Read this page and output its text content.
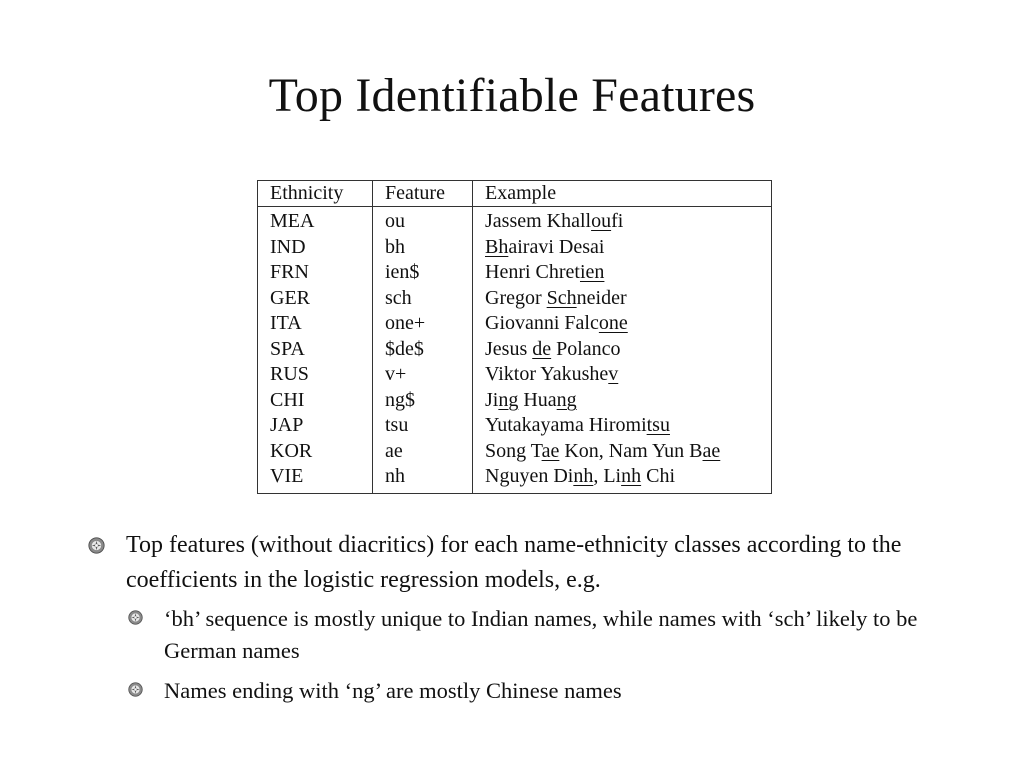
Top Identifiable Features
Ethnicity	Feature	Example
MEA	ou	Jassem Khalloufi
IND	bh	Bhairavi Desai
FRN	ien$	Henri Chretien
GER	sch	Gregor Schneider
ITA	one+	Giovanni Falcone
SPA	$de$	Jesus de Polanco
RUS	v+	Viktor Yakushev
CHI	ng$	Jing Huang
JAP	tsu	Yutakayama Hiromitsu
KOR	ae	Song Tae Kon, Nam Yun Bae
VIE	nh	Nguyen Dinh, Linh Chi
Top features (without diacritics) for each name-ethnicity classes according to the coefficients in the logistic regression models, e.g.
‘bh’ sequence is mostly unique to Indian names, while names with ‘sch’ likely to be German names
Names ending with ‘ng’ are mostly Chinese names
